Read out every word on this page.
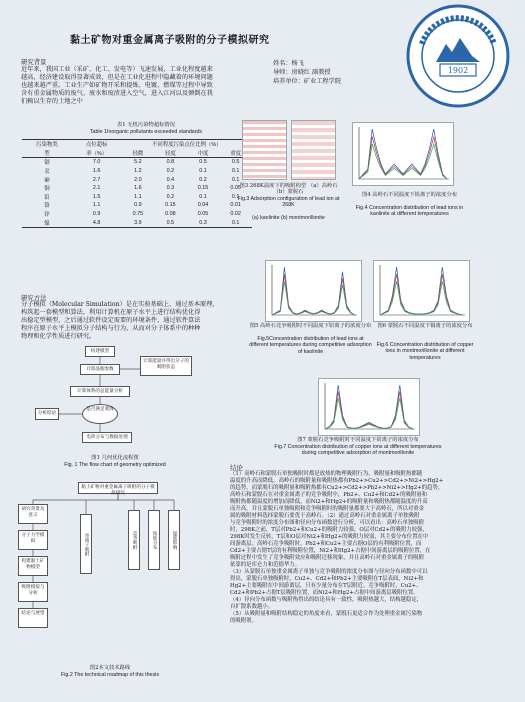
黏土矿物对重金属离子吸附的分子模拟研究
1902
姓名：杨飞
导师：房晓红 副教授
培养单位：矿业工程学院
研究背景
近年来，我国工业（采矿、化工、发电等）飞速发展，工业化程度越来
越高，经济建设取得显著成效，但是在工业化进程中隐藏着的环境问题
也越来越严重。工业生产如矿物开采和提炼、电镀、燃煤等过程中导致
含有重金属物质的废气、废水和废渣进入空气，进入江河以及倾倒在我
们赖以生存的土地之中
表1 无机污染物超标情况
Table 1Inorganic pollutants exceeded standards
污染物类	点位超标	不同程度污染点位比例（%）			
型	率（%）	轻微	轻度	中度	重度
镉	7.0	5.2	0.8	0.5	0.5
汞	1.6	1.2	0.2	0.1	0.1
砷	2.7	2.0	0.4	0.2	0.1
铜	2.1	1.6	0.3	0.15	0.05
铅	1.5	1.1	0.2	0.1	0.1
铬	1.1	0.9	0.15	0.04	0.01
锌	0.9	0.75	0.08	0.05	0.02
镍	4.8	3.9	0.5	0.3	0.1
研究方法
分子模拟（Molecular Simulation）是在实验基础上，通过基本原理，
构筑起一套模型和算法，利用计算机在原子水平上进行结构优化得
出稳定型模型，之后通过软件设定需要的环境条件，通过软件算法
程序在原子水平上模拟分子结构与行为，从而对分子体系中的种种
物理和化学性质进行研究。
构建模型
计算晶胞参数
计算能量并得出分子的吸附状态
计算体系的总能量分析
分析结论
是否满足收敛
电荷分布与数据处理
图1 几何优化流程图
Fig. 1 The flow chart of geometry optimized
黏土矿物对重金属离子吸附的分子模拟研究
研究背景及意义
分子力学模拟
构建黏土矿物模型
吸附模拟与分析
结论与展望
单离子吸附	竞争吸附	浓度分布	温度影响
图2本文技术路线
Fig.2 The technical roadmap of this thesis
图3 268K温度下的吸附构型 （a）高岭石（b）蒙脱石
Fig.3 Adsorption configuration of lead ion at 268K
(a) kaolinite (b) montmorillonite
图4 高岭石不同温度下铅离子的浓度分布
Fig.4 Concentration distribution of lead ions in kaolinite at different temperatures
图5 高岭石竞争吸附时不同温度下铅离子的浓度分布
Fig.5Concentration distribution of lead ions at different temperatures during competitive adsorption of kaolinite
图6 蒙脱石不同温度下铜离子的浓度分布
Fig.6 Concentration distribution of copper ions in montmorillonite at different temperatures
图7 蒙脱石竞争吸附时不同温度下铅离子的浓度分布
Fig.7 Concentration distribution of copper ions at different temperatures during competitive adsorption of montmorillonite
结论
（1）高岭石和蒙脱石单独吸附时都是放热的物理吸附行为，吸附量和吸附热都随
温度的升高而降低。高岭石的吸附量和吸附热都有Pb2+>Cu2+>Cd2+>Ni2+>Hg2+
的趋势，而蒙脱石的吸附量和吸附热都有Cu2+>Cd2+>Pb2+>Ni2+>Hg2+的趋势。
高岭石和蒙脱石在对重金属离子的竞争吸附中，Pb2+、Cu2+和Cd2+的吸附量和
吸附热都随温度的增加而降低，而Ni2+和Hg2+的吸附量和吸附热都随温度的升高
而升高，并且蒙脱石单独吸附和竞争吸附时的吸附量都要大于高岭石，所以对重金
属的吸附材料选择蒙脱石要优于高岭石。（2）通过高岭石对重金属离子单独吸附
与竞争吸附时的浓度分布图和径向分布函数进行分析，可以看出：高岭石单独吸附
时，298K之前，T层对Pb2+和Cu2+的吸附力较强，O层对Cd2+的吸附力较强，
298K时发生反转，T层和O层对Ni2+和Hg2+的吸附力较弱，其主要分布位置在中
间游离层。高岭石竞争吸附时，Pb2+和Cu2+主要占据O层的有利吸附位置，而
Cd2+主要占据T层的有利吸附位置，Ni2+和Hg2+占据中间游离层的吸附位置，在
吸附过程中发生了竞争吸附效应和吸附迁移现象，并且高岭石对重金属离子的吸附
依靠的是库仑力和范德华力。
（3）从蒙脱石单独重金属离子单独与竞争吸附的浓度分布图与径向分布函数中可以
得出，蒙脱石单独吸附时，Cu2+、Cd2+和Pb2+主要吸附在T层表面，Ni2+和
Hg2+主要吸附在中间游离层，只有少量分布在T层附近。竞争吸附时，Cu2+、
Cd2+和Pb2+占据T层吸附位置，而Ni2+和Hg2+占据中间游离层吸附位置。
（4）径向分布函数与吸附热得出的结论具有一致性，吸附热越大，结构越稳定，
自扩散系数越小。
（5）从吸附量和吸附结构稳定的角度来看，蒙脱石更适合作为处理重金属污染物
的吸附剂。
